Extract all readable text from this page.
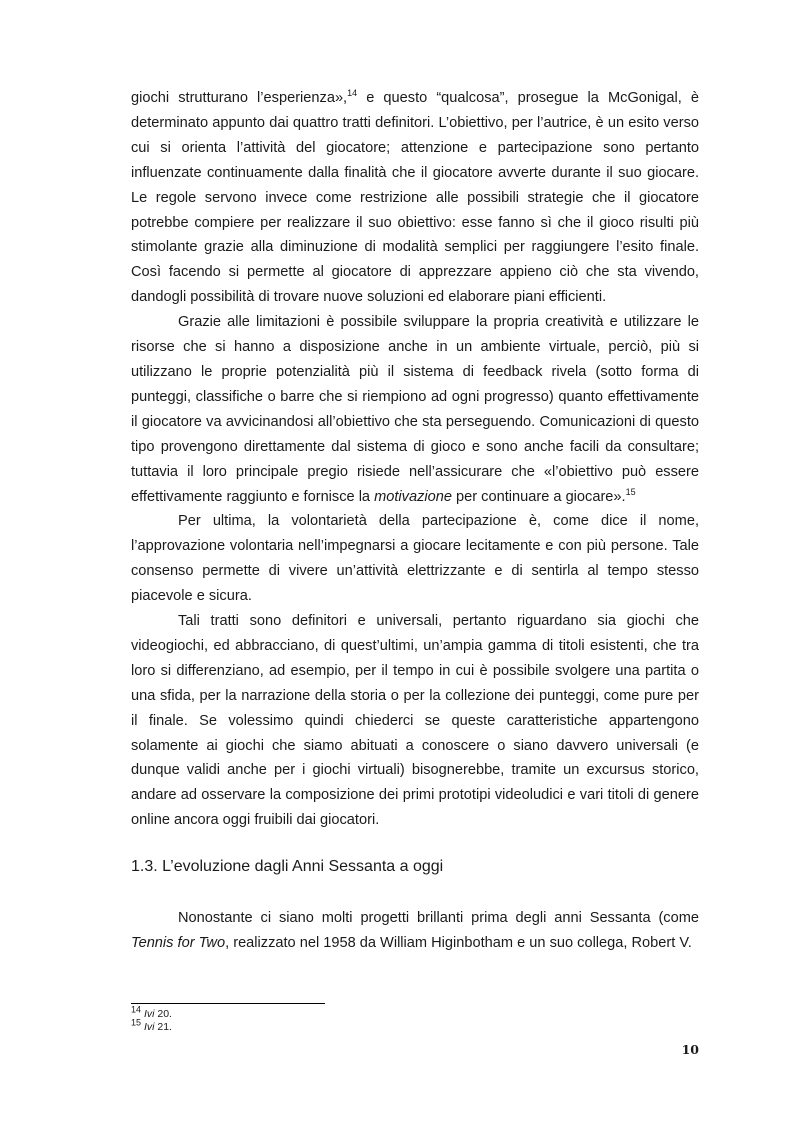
giochi strutturano l’esperienza»,$^{14}$ e questo “qualcosa”, prosegue la McGonigal, è determinato appunto dai quattro tratti definitori. L’obiettivo, per l’autrice, è un esito verso cui si orienta l’attività del giocatore; attenzione e partecipazione sono pertanto influenzate continuamente dalla finalità che il giocatore avverte durante il suo giocare. Le regole servono invece come restrizione alle possibili strategie che il giocatore potrebbe compiere per realizzare il suo obiettivo: esse fanno sì che il gioco risulti più stimolante grazie alla diminuzione di modalità semplici per raggiungere l’esito finale. Così facendo si permette al giocatore di apprezzare appieno ciò che sta vivendo, dandogli possibilità di trovare nuove soluzioni ed elaborare piani efficienti.

Grazie alle limitazioni è possibile sviluppare la propria creatività e utilizzare le risorse che si hanno a disposizione anche in un ambiente virtuale, perciò, più si utilizzano le proprie potenzialità più il sistema di feedback rivela (sotto forma di punteggi, classifiche o barre che si riempiono ad ogni progresso) quanto effettivamente il giocatore va avvicinandosi all’obiettivo che sta perseguendo. Comunicazioni di questo tipo provengono direttamente dal sistema di gioco e sono anche facili da consultare; tuttavia il loro principale pregio risiede nell’assicurare che «l’obiettivo può essere effettivamente raggiunto e fornisce la motivazione per continuare a giocare».$^{15}$

Per ultima, la volontarietà della partecipazione è, come dice il nome, l’approvazione volontaria nell’impegnarsi a giocare lecitamente e con più persone. Tale consenso permette di vivere un’attività elettrizzante e di sentirla al tempo stesso piacevole e sicura.

Tali tratti sono definitori e universali, pertanto riguardano sia giochi che videogiochi, ed abbracciano, di quest’ultimi, un’ampia gamma di titoli esistenti, che tra loro si differenziano, ad esempio, per il tempo in cui è possibile svolgere una partita o una sfida, per la narrazione della storia o per la collezione dei punteggi, come pure per il finale. Se volessimo quindi chiederci se queste caratteristiche appartengono solamente ai giochi che siamo abituati a conoscere o siano davvero universali (e dunque validi anche per i giochi virtuali) bisognerebbe, tramite un excursus storico, andare ad osservare la composizione dei primi prototipi videoludici e vari titoli di genere online ancora oggi fruibili dai giocatori.

1.3. L’evoluzione dagli Anni Sessanta a oggi

Nonostante ci siano molti progetti brillanti prima degli anni Sessanta (come Tennis for Two, realizzato nel 1958 da William Higinbotham e un suo collega, Robert V.

$^{14}$ Ivi 20.
$^{15}$ Ivi 21.
10
